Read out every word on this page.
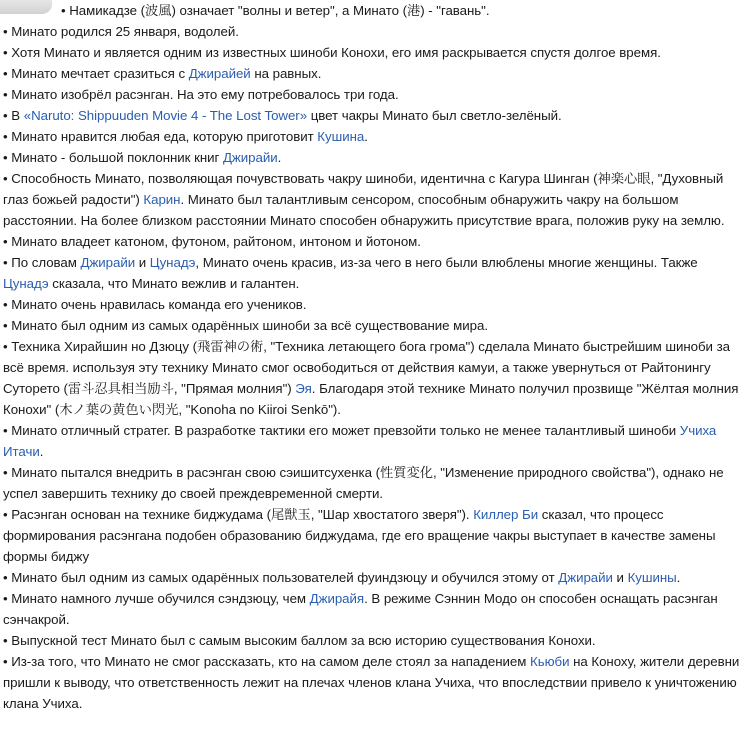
• Намикадзе (波風) означает "волны и ветер", а Минато (港) - "гавань".

• Минато родился 25 января, водолей.

• Хотя Минато и является одним из известных шиноби Конохи, его имя раскрывается спустя долгое время.

• Минато мечтает сразиться с Джирайей на равных.

• Минато изобрёл расэнган. На это ему потребовалось три года.

• В «Naruto: Shippuuden Movie 4 - The Lost Tower» цвет чакры Минато был светло-зелёный.

• Минато нравится любая еда, которую приготовит Кушина.

• Минато - большой поклонник книг Джирайи.

• Способность Минато, позволяющая почувствовать чакру шиноби, идентична с Кагура Шинган (神楽心眼, "Духовный глаз божьей радости") Карин. Минато был талантливым сенсором, способным обнаружить чакру на большом расстоянии. На более близком расстоянии Минато способен обнаружить присутствие врага, положив руку на землю.

• Минато владеет катоном, футоном, райтоном, интоном и йотоном.

• По словам Джирайи и Цунадэ, Минато очень красив, из-за чего в него были влюблены многие женщины. Также Цунадэ сказала, что Минато вежлив и галантен.

• Минато очень нравилась команда его учеников.

• Минато был одним из самых одарённых шиноби за всё существование мира.

• Техника Хирайшин но Дзюцу (飛雷神の術, "Техника летающего бога грома") сделала Минато быстрейшим шиноби за всё время. используя эту технику Минато смог освободиться от действия камуи, а также увернуться от Райтонингу Суторето (雷斗忍具相当励斗, "Прямая молния") Эя. Благодаря этой технике Минато получил прозвище "Жёлтая молния Конохи" (木ノ葉の黄色い閃光, "Konoha no Kiiroi Senkō").

• Минато отличный стратег. В разработке тактики его может превзойти только не менее талантливый шиноби Учиха Итачи.

• Минато пытался внедрить в расэнган свою сэишитсухенка (性質変化, "Изменение природного свойства"), однако не успел завершить технику до своей преждевременной смерти.

• Расэнган основан на технике биджудама (尾獣玉, "Шар хвостатого зверя"). Киллер Би сказал, что процесс формирования расэнгана подобен образованию биджудама, где его вращение чакры выступает в качестве замены формы биджу

• Минато был одним из самых одарённых пользователей фуиндзюцу и обучился этому от Джирайи и Кушины.

• Минато намного лучше обучился сэндзюцу, чем Джирайя. В режиме Сэннин Модо он способен оснащать расэнган сэнчакрой.

• Выпускной тест Минато был с самым высоким баллом за всю историю существования Конохи.

• Из-за того, что Минато не смог рассказать, кто на самом деле стоял за нападением Кьюби на Коноху, жители деревни пришли к выводу, что ответственность лежит на плечах членов клана Учиха, что впоследствии привело к уничтожению клана Учиха.
